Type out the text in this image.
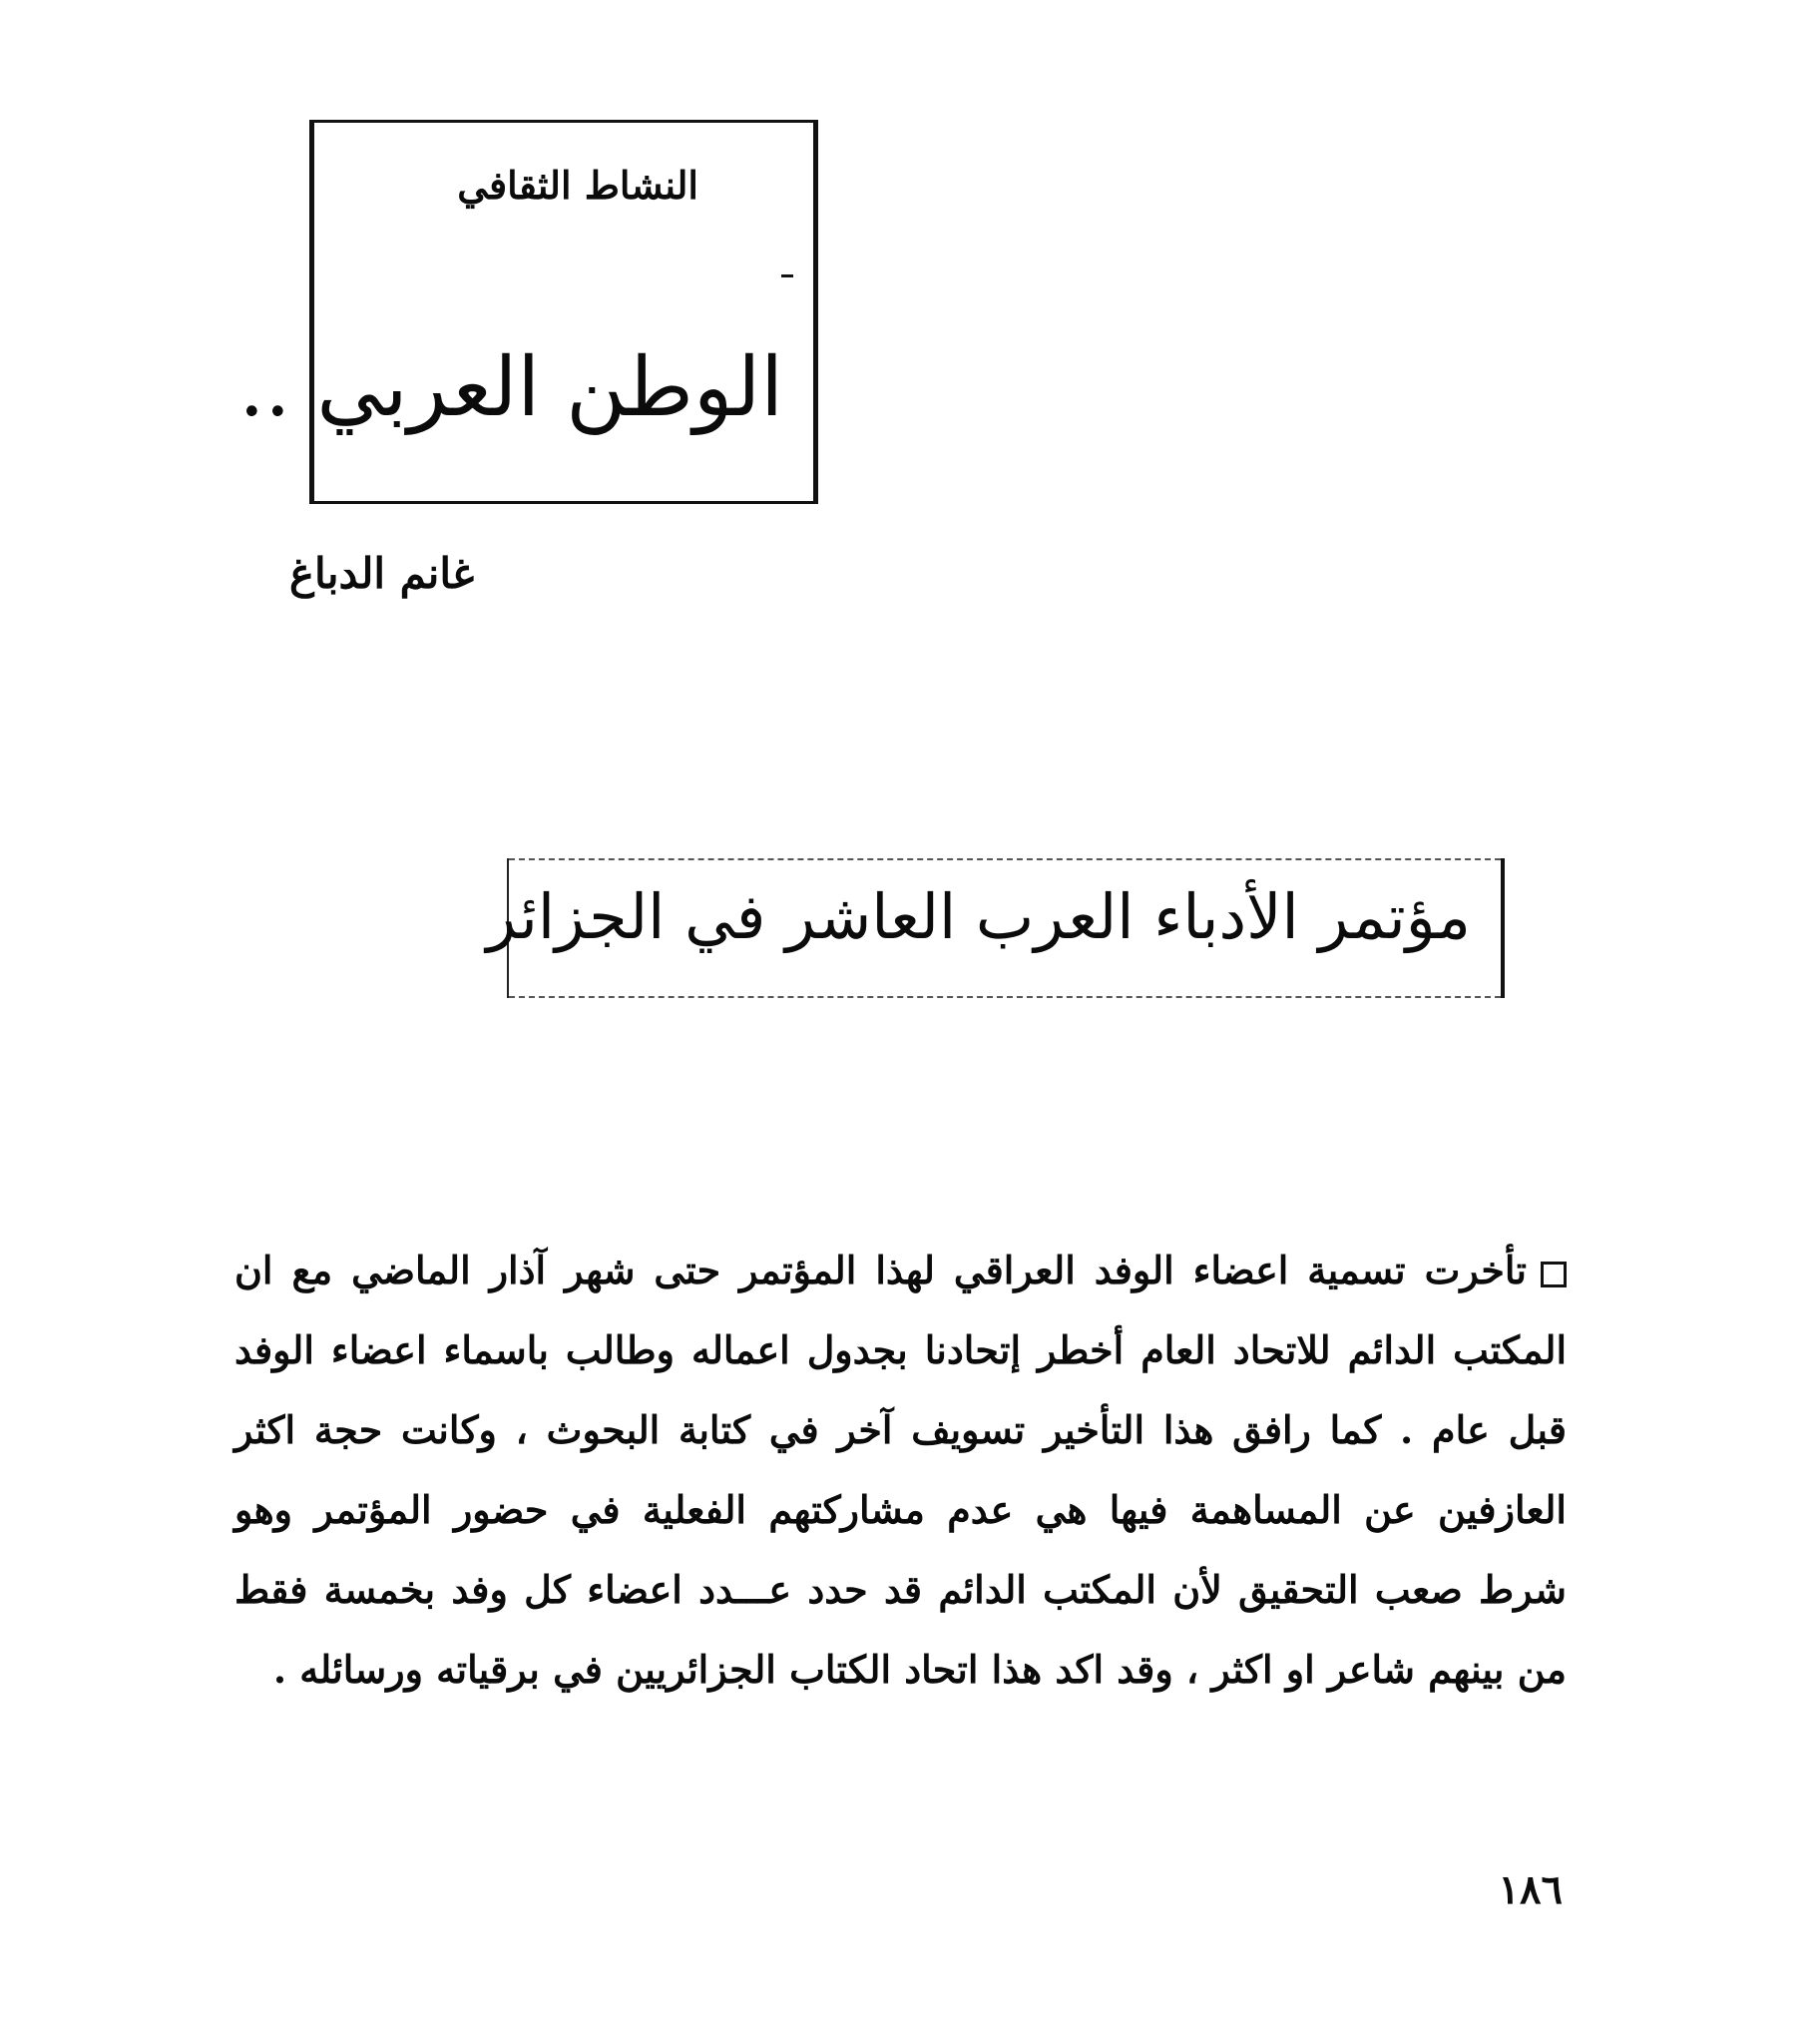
النشاط الثقافي
الوطن العربي ..
غانم الدباغ
مؤتمر الأدباء العرب العاشر في الجزائر

تأخرت تسمية اعضاء الوفد العراقي لهذا المؤتمر حتى شهر آذار الماضي مع ان المكتب الدائم للاتحاد العام أخطر إتحادنا بجدول اعماله وطالب باسماء اعضاء الوفد قبل عام . كما رافق هذا التأخير تسويف آخر في كتابة البحوث ، وكانت حجة اكثر العازفين عن المساهمة فيها هي عدم مشاركتهم الفعلية في حضور المؤتمر وهو شرط صعب التحقيق لأن المكتب الدائم قد حدد عـــدد اعضاء كل وفد بخمسة فقط من بينهم شاعر او اكثر ، وقد اكد هذا اتحاد الكتاب الجزائريين في برقياته ورسائله .

١٨٦
